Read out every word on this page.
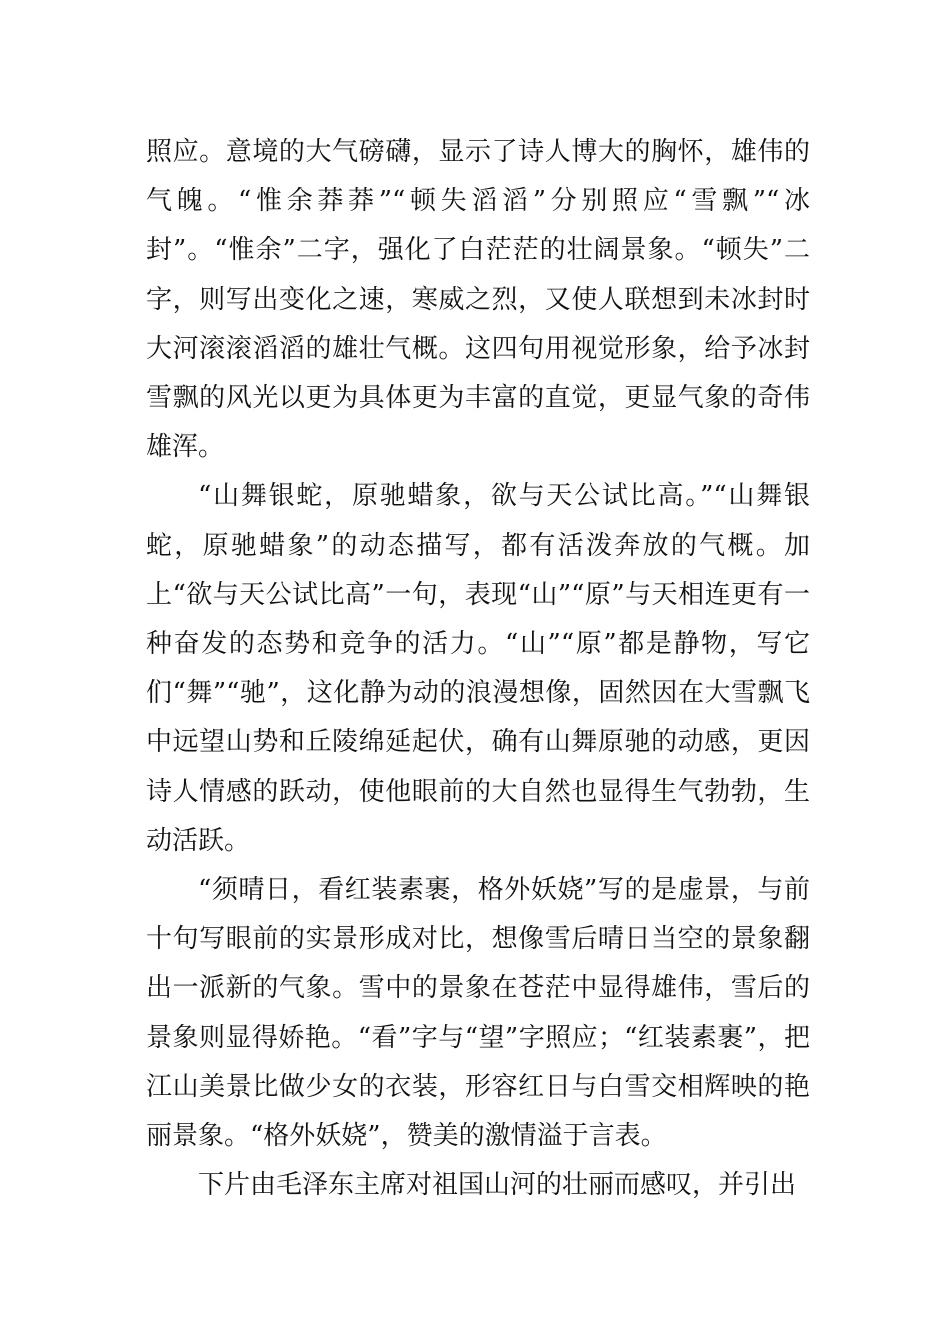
照应。意境的大气磅礴，显示了诗人博大的胸怀，雄伟的气魄。“惟余莽莽”“顿失滔滔”分别照应“雪飘”“冰封”。“惟余”二字，强化了白茫茫的壮阔景象。“顿失”二字，则写出变化之速，寒威之烈，又使人联想到未冰封时大河滚滚滔滔的雄壮气概。这四句用视觉形象，给予冰封雪飘的风光以更为具体更为丰富的直觉，更显气象的奇伟雄浑。

“山舞银蛇，原驰蜡象，欲与天公试比高。”“山舞银蛇，原驰蜡象”的动态描写，都有活泼奔放的气概。加上“欲与天公试比高”一句，表现“山”“原”与天相连更有一种奋发的态势和竞争的活力。“山”“原”都是静物，写它们“舞”“驰”，这化静为动的浪漫想像，固然因在大雪飘飞中远望山势和丘陵绵延起伏，确有山舞原驰的动感，更因诗人情感的跃动，使他眼前的大自然也显得生气勃勃，生动活跃。

“须晴日，看红装素裹，格外妖娆”写的是虚景，与前十句写眼前的实景形成对比，想像雪后晴日当空的景象翻出一派新的气象。雪中的景象在苍茫中显得雄伟，雪后的景象则显得娇艳。“看”字与“望”字照应；“红装素裹”，把江山美景比做少女的衣装，形容红日与白雪交相辉映的艳丽景象。“格外妖娆”，赞美的激情溢于言表。

下片由毛泽东主席对祖国山河的壮丽而感叹，并引出
